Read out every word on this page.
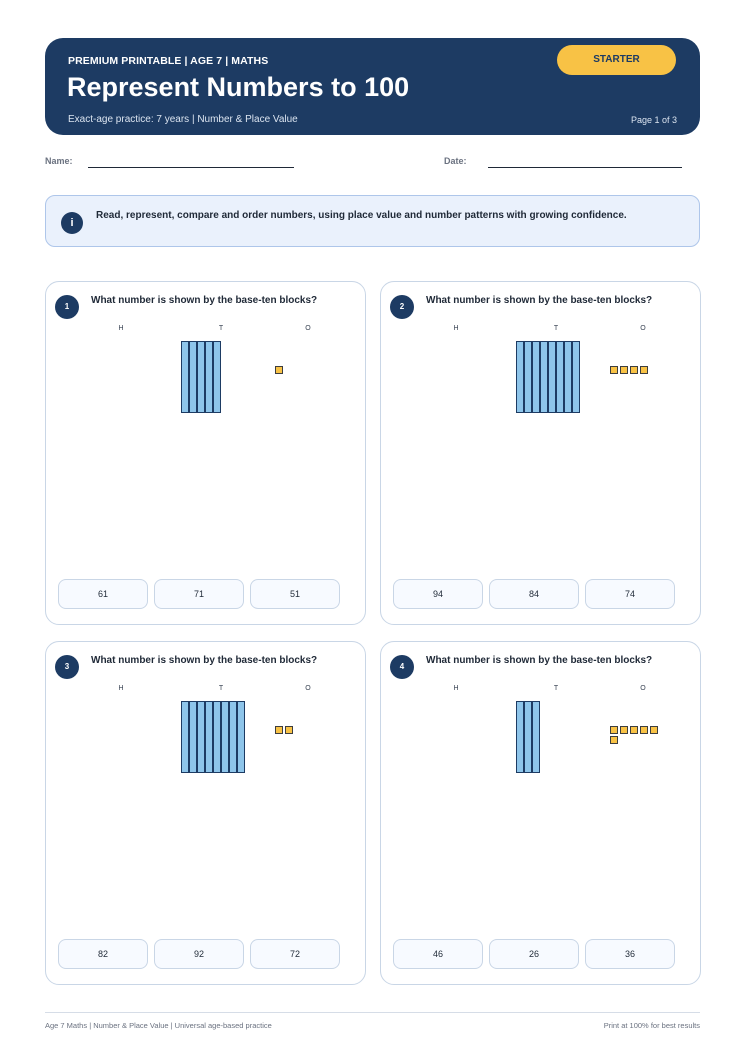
PREMIUM PRINTABLE | AGE 7 | MATHS
Represent Numbers to 100
Exact-age practice: 7 years | Number & Place Value	Page 1 of 3
STARTER
Name:	Date:
i
Read, represent, compare and order numbers, using place value and number patterns with growing confidence.
1
What number is shown by the base-ten blocks?
H	T	O
61	71	51
2
What number is shown by the base-ten blocks?
H	T	O
94	84	74
3
What number is shown by the base-ten blocks?
H	T	O
82	92	72
4
What number is shown by the base-ten blocks?
H	T	O
46	26	36
Age 7 Maths | Number & Place Value | Universal age-based practice	Print at 100% for best results
